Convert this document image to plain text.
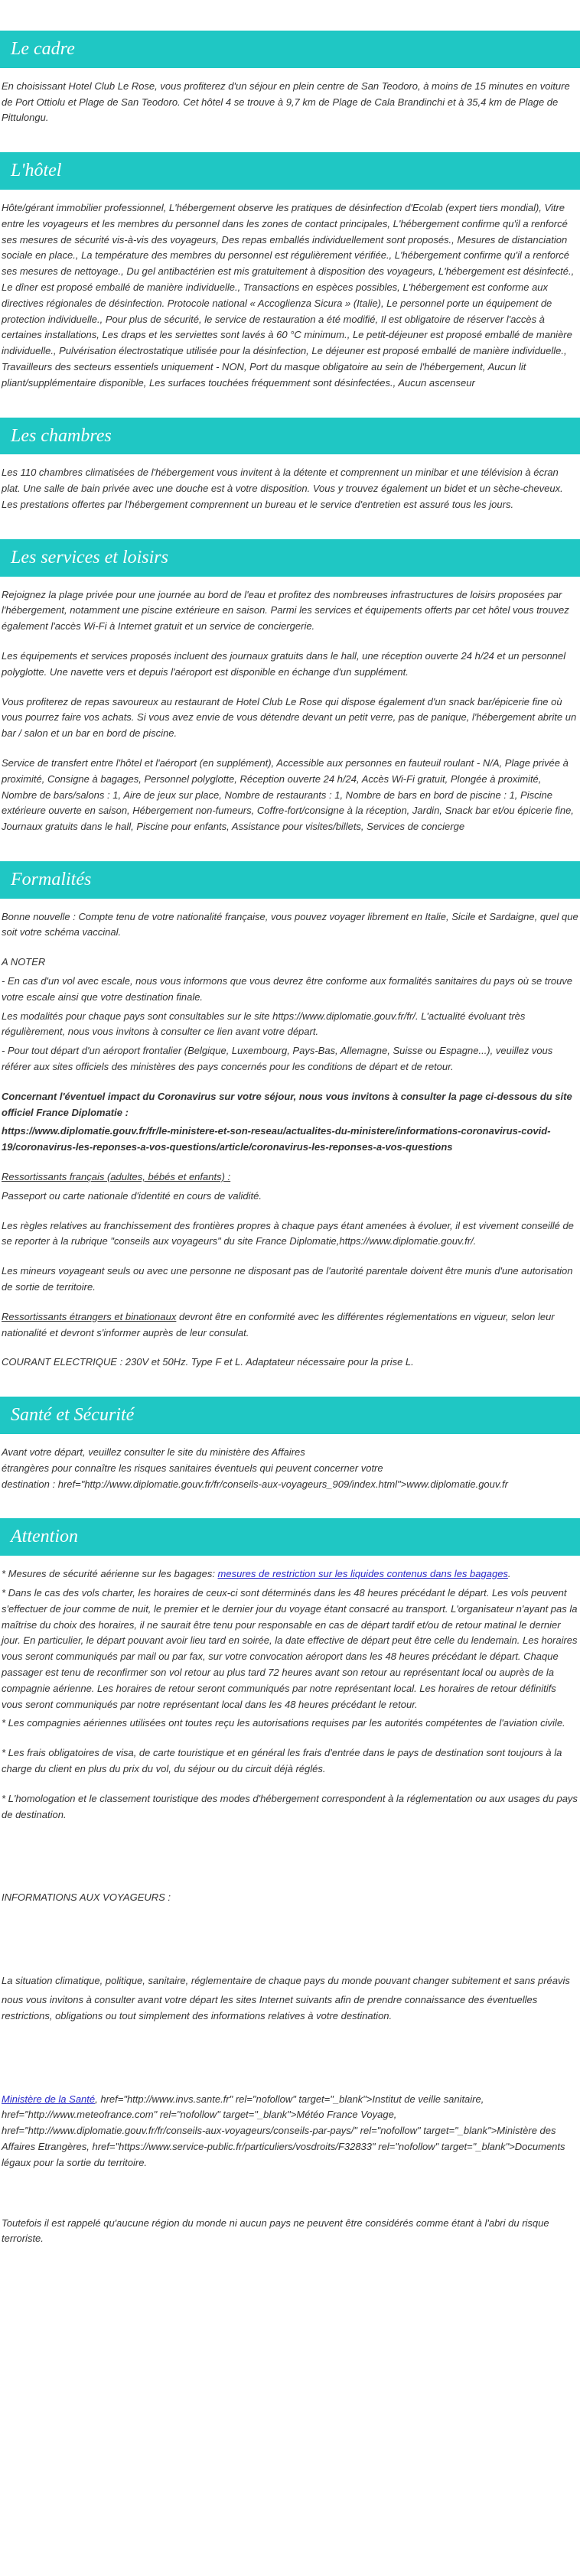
Le cadre

En choisissant Hotel Club Le Rose, vous profiterez d'un séjour en plein centre de San Teodoro, à moins de 15 minutes en voiture de Port Ottiolu et Plage de San Teodoro. Cet hôtel 4 se trouve à 9,7 km de Plage de Cala Brandinchi et à 35,4 km de Plage de Pittulongu.

L'hôtel

Hôte/gérant immobilier professionnel, L'hébergement observe les pratiques de désinfection d'Ecolab (expert tiers mondial), Vitre entre les voyageurs et les membres du personnel dans les zones de contact principales, L'hébergement confirme qu'il a renforcé ses mesures de sécurité vis-à-vis des voyageurs, Des repas emballés individuellement sont proposés., Mesures de distanciation sociale en place., La température des membres du personnel est régulièrement vérifiée., L'hébergement confirme qu'il a renforcé ses mesures de nettoyage., Du gel antibactérien est mis gratuitement à disposition des voyageurs, L'hébergement est désinfecté., Le dîner est proposé emballé de manière individuelle., Transactions en espèces possibles, L'hébergement est conforme aux directives régionales de désinfection. Protocole national « Accoglienza Sicura » (Italie), Le personnel porte un équipement de protection individuelle., Pour plus de sécurité, le service de restauration a été modifié, Il est obligatoire de réserver l'accès à certaines installations, Les draps et les serviettes sont lavés à 60 °C minimum., Le petit-déjeuner est proposé emballé de manière individuelle., Pulvérisation électrostatique utilisée pour la désinfection, Le déjeuner est proposé emballé de manière individuelle., Travailleurs des secteurs essentiels uniquement - NON, Port du masque obligatoire au sein de l'hébergement, Aucun lit pliant/supplémentaire disponible, Les surfaces touchées fréquemment sont désinfectées., Aucun ascenseur

Les chambres

Les 110 chambres climatisées de l'hébergement vous invitent à la détente et comprennent un minibar et une télévision à écran plat. Une salle de bain privée avec une douche est à votre disposition. Vous y trouvez également un bidet et un sèche-cheveux. Les prestations offertes par l'hébergement comprennent un bureau et le service d'entretien est assuré tous les jours.

Les services et loisirs

Rejoignez la plage privée pour une journée au bord de l'eau et profitez des nombreuses infrastructures de loisirs proposées par l'hébergement, notamment une piscine extérieure en saison. Parmi les services et équipements offerts par cet hôtel vous trouvez également l'accès Wi-Fi à Internet gratuit et un service de conciergerie.

Les équipements et services proposés incluent des journaux gratuits dans le hall, une réception ouverte 24 h/24 et un personnel polyglotte. Une navette vers et depuis l'aéroport est disponible en échange d'un supplément.

Vous profiterez de repas savoureux au restaurant de Hotel Club Le Rose qui dispose également d'un snack bar/épicerie fine où vous pourrez faire vos achats. Si vous avez envie de vous détendre devant un petit verre, pas de panique, l'hébergement abrite un bar / salon et un bar en bord de piscine.

Service de transfert entre l'hôtel et l'aéroport (en supplément), Accessible aux personnes en fauteuil roulant - N/A, Plage privée à proximité, Consigne à bagages, Personnel polyglotte, Réception ouverte 24 h/24, Accès Wi-Fi gratuit, Plongée à proximité, Nombre de bars/salons : 1, Aire de jeux sur place, Nombre de restaurants : 1, Nombre de bars en bord de piscine : 1, Piscine extérieure ouverte en saison, Hébergement non-fumeurs, Coffre-fort/consigne à la réception, Jardin, Snack bar et/ou épicerie fine, Journaux gratuits dans le hall, Piscine pour enfants, Assistance pour visites/billets, Services de concierge

Formalités

Bonne nouvelle : Compte tenu de votre nationalité française, vous pouvez voyager librement en Italie, Sicile et Sardaigne, quel que soit votre schéma vaccinal.

A NOTER

- En cas d'un vol avec escale, nous vous informons que vous devrez être conforme aux formalités sanitaires du pays où se trouve votre escale ainsi que votre destination finale.

Les modalités pour chaque pays sont consultables sur le site https://www.diplomatie.gouv.fr/fr/. L'actualité évoluant très régulièrement, nous vous invitons à consulter ce lien avant votre départ.

- Pour tout départ d'un aéroport frontalier (Belgique, Luxembourg, Pays-Bas, Allemagne, Suisse ou Espagne...), veuillez vous référer aux sites officiels des ministères des pays concernés pour les conditions de départ et de retour.

Concernant l'éventuel impact du Coronavirus sur votre séjour, nous vous invitons à consulter la page ci-dessous du site officiel France Diplomatie :

https://www.diplomatie.gouv.fr/fr/le-ministere-et-son-reseau/actualites-du-ministere/informations-coronavirus-covid-19/coronavirus-les-reponses-a-vos-questions/article/coronavirus-les-reponses-a-vos-questions

Ressortissants français (adultes, bébés et enfants) :

Passeport ou carte nationale d'identité en cours de validité.

Les règles relatives au franchissement des frontières propres à chaque pays étant amenées à évoluer, il est vivement conseillé de se reporter à la rubrique "conseils aux voyageurs" du site France Diplomatie,https://www.diplomatie.gouv.fr/.

Les mineurs voyageant seuls ou avec une personne ne disposant pas de l'autorité parentale doivent être munis d'une autorisation de sortie de territoire.

Ressortissants étrangers et binationaux devront être en conformité avec les différentes réglementations en vigueur, selon leur nationalité et devront s'informer auprès de leur consulat.

COURANT ELECTRIQUE : 230V et 50Hz. Type F et L. Adaptateur nécessaire pour la prise L.

Santé et Sécurité

Avant votre départ, veuillez consulter le site du ministère des Affaires
étrangères pour connaître les risques sanitaires éventuels qui peuvent concerner votre
destination : href="http://www.diplomatie.gouv.fr/fr/conseils-aux-voyageurs_909/index.html">www.diplomatie.gouv.fr

Attention

* Mesures de sécurité aérienne sur les bagages: mesures de restriction sur les liquides contenus dans les bagages.

* Dans le cas des vols charter, les horaires de ceux-ci sont déterminés dans les 48 heures précédant le départ. Les vols peuvent s'effectuer de jour comme de nuit, le premier et le dernier jour du voyage étant consacré au transport. L'organisateur n'ayant pas la maîtrise du choix des horaires, il ne saurait être tenu pour responsable en cas de départ tardif et/ou de retour matinal le dernier jour. En particulier, le départ pouvant avoir lieu tard en soirée, la date effective de départ peut être celle du lendemain. Les horaires vous seront communiqués par mail ou par fax, sur votre convocation aéroport dans les 48 heures précédant le départ. Chaque passager est tenu de reconfirmer son vol retour au plus tard 72 heures avant son retour au représentant local ou auprès de la compagnie aérienne. Les horaires de retour seront communiqués par notre représentant local. Les horaires de retour définitifs vous seront communiqués par notre représentant local dans les 48 heures précédant le retour.

* Les compagnies aériennes utilisées ont toutes reçu les autorisations requises par les autorités compétentes de l'aviation civile.

* Les frais obligatoires de visa, de carte touristique et en général les frais d'entrée dans le pays de destination sont toujours à la charge du client en plus du prix du vol, du séjour ou du circuit déjà réglés.

* L'homologation et le classement touristique des modes d'hébergement correspondent à la réglementation ou aux usages du pays de destination.

INFORMATIONS AUX VOYAGEURS :

La situation climatique, politique, sanitaire, réglementaire de chaque pays du monde pouvant changer subitement et sans préavis

nous vous invitons à consulter avant votre départ les sites Internet suivants afin de prendre connaissance des éventuelles restrictions, obligations ou tout simplement des informations relatives à votre destination.

Ministère de la Santé, href="http://www.invs.sante.fr" rel="nofollow" target="_blank">Institut de veille sanitaire, href="http://www.meteofrance.com" rel="nofollow" target="_blank">Météo France Voyage, href="http://www.diplomatie.gouv.fr/fr/conseils-aux-voyageurs/conseils-par-pays/" rel="nofollow" target="_blank">Ministère des Affaires Etrangères, href="https://www.service-public.fr/particuliers/vosdroits/F32833" rel="nofollow" target="_blank">Documents légaux pour la sortie du territoire.

Toutefois il est rappelé qu'aucune région du monde ni aucun pays ne peuvent être considérés comme étant à l'abri du risque terroriste.
